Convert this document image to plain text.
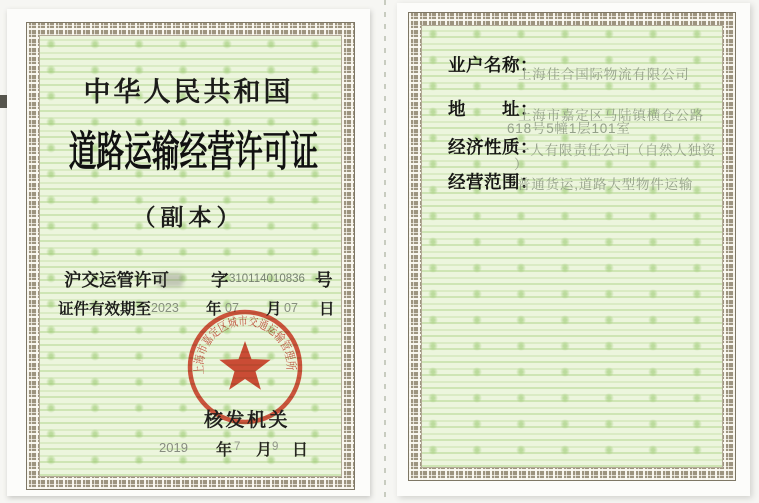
中华人民共和国
道路运输经营许可证
（副本）
沪交运管许可 字 310114010836 号
证件有效期至 2023 年 07 月 07 日
上海市嘉定区城市交通运输管理所
核发机关
2019 年 7 月 9 日
业户名称：
上海佳合国际物流有限公司
地　　址：
上海市嘉定区马陆镇横仓公路
618号5幢1层101室
经济性质：
一人有限责任公司（自然人独资
）
经营范围：
普通货运,道路大型物件运输
